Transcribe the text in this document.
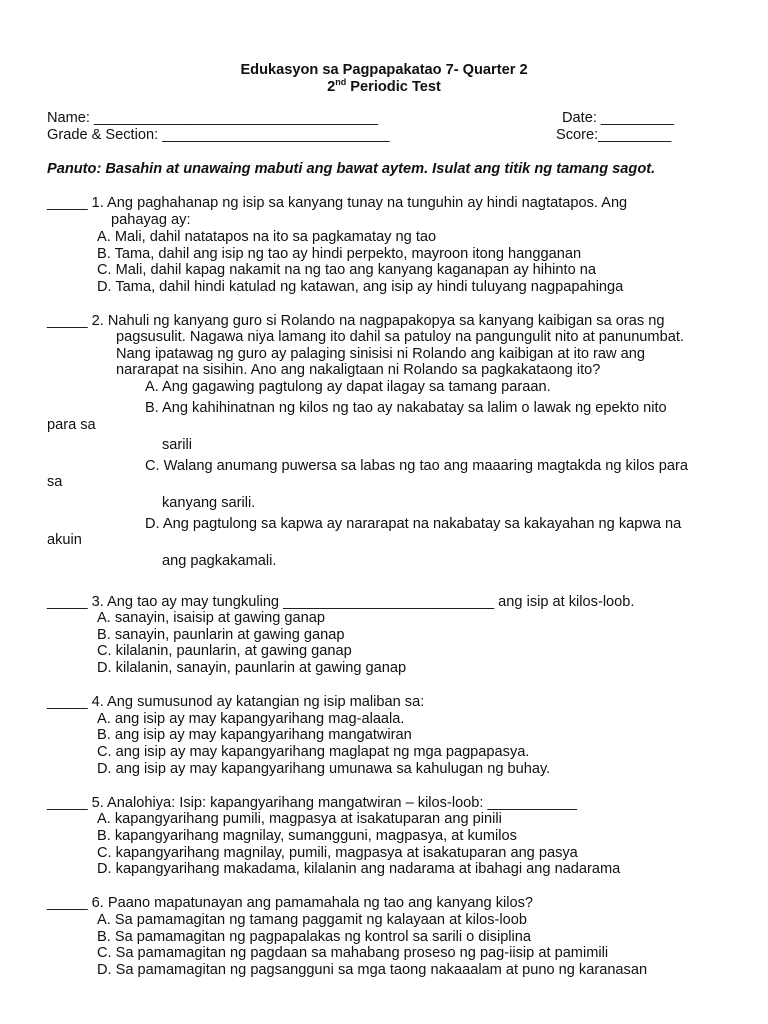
Edukasyon sa Pagpapakatao 7- Quarter 2
2nd Periodic Test
Name: ___________________________________	Date: _________
Grade & Section: ____________________________	Score:_________
Panuto: Basahin at unawaing mabuti ang bawat aytem. Isulat ang titik ng tamang sagot.
_____ 1. Ang paghahanap ng isip sa kanyang tunay na tunguhin ay hindi nagtatapos. Ang
pahayag ay:
A. Mali, dahil natatapos na ito sa pagkamatay ng tao
B. Tama, dahil ang isip ng tao ay hindi perpekto, mayroon itong hangganan
C. Mali, dahil kapag nakamit na ng tao ang kanyang kaganapan ay hihinto na
D. Tama, dahil hindi katulad ng katawan, ang isip ay hindi tuluyang nagpapahinga
_____ 2. Nahuli ng kanyang guro si Rolando na nagpapakopya sa kanyang kaibigan sa oras ng
pagsusulit. Nagawa niya lamang ito dahil sa patuloy na pangungulit nito at panunumbat.
Nang ipatawag ng guro ay palaging sinisisi ni Rolando ang kaibigan at ito raw ang
nararapat na sisihin. Ano ang nakaligtaan ni Rolando sa pagkakataong ito?
A. Ang gagawing pagtulong ay dapat ilagay sa tamang paraan.
B. Ang kahihinatnan ng kilos ng tao ay nakabatay sa lalim o lawak ng epekto nito
para sa
sarili
C. Walang anumang puwersa sa labas ng tao ang maaaring magtakda ng kilos para
sa
kanyang sarili.
D. Ang pagtulong sa kapwa ay nararapat na nakabatay sa kakayahan ng kapwa na
akuin
ang pagkakamali.
_____ 3. Ang tao ay may tungkuling __________________________ ang isip at kilos-loob.
A. sanayin, isaisip at gawing ganap
B. sanayin, paunlarin at gawing ganap
C. kilalanin, paunlarin, at gawing ganap
D. kilalanin, sanayin, paunlarin at gawing ganap
_____ 4. Ang sumusunod ay katangian ng isip maliban sa:
A. ang isip ay may kapangyarihang mag-alaala.
B. ang isip ay may kapangyarihang mangatwiran
C. ang isip ay may kapangyarihang maglapat ng mga pagpapasya.
D. ang isip ay may kapangyarihang umunawa sa kahulugan ng buhay.
_____ 5. Analohiya: Isip: kapangyarihang mangatwiran – kilos-loob: ___________
A. kapangyarihang pumili, magpasya at isakatuparan ang pinili
B. kapangyarihang magnilay, sumangguni, magpasya, at kumilos
C. kapangyarihang magnilay, pumili, magpasya at isakatuparan ang pasya
D. kapangyarihang makadama, kilalanin ang nadarama at ibahagi ang nadarama
_____ 6. Paano mapatunayan ang pamamahala ng tao ang kanyang kilos?
A. Sa pamamagitan ng tamang paggamit ng kalayaan at kilos-loob
B. Sa pamamagitan ng pagpapalakas ng kontrol sa sarili o disiplina
C. Sa pamamagitan ng pagdaan sa mahabang proseso ng pag-iisip at pamimili
D. Sa pamamagitan ng pagsangguni sa mga taong nakaaalam at puno ng karanasan
